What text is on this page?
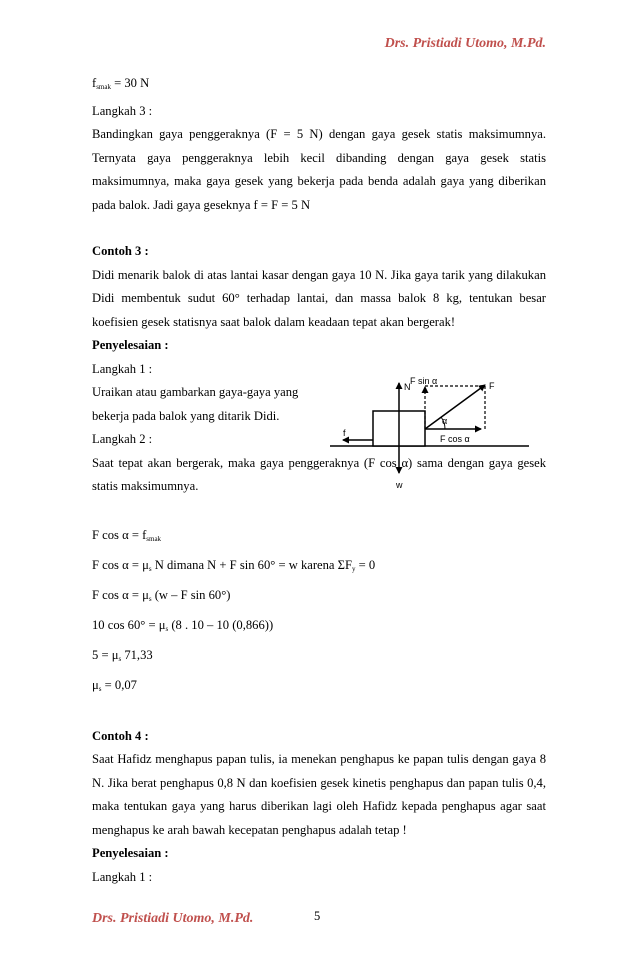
Drs. Pristiadi Utomo, M.Pd.

$f_{smak} = 30$ N

Langkah 3 :

Bandingkan gaya penggeraknya (F = 5 N) dengan gaya gesek statis maksimumnya. Ternyata gaya penggeraknya lebih kecil dibanding dengan gaya gesek statis maksimumnya, maka gaya gesek yang bekerja pada benda adalah gaya yang diberikan pada balok. Jadi gaya geseknya f = F = 5 N

Contoh 3 :

Didi menarik balok di atas lantai kasar dengan gaya 10 N. Jika gaya tarik yang dilakukan Didi membentuk sudut 60° terhadap lantai, dan massa balok 8 kg, tentukan besar koefisien gesek statisnya saat balok dalam keadaan tepat akan bergerak!

Penyelesaian :

Langkah 1 :

Uraikan atau gambarkan gaya-gaya yang

bekerja pada balok yang ditarik Didi.

F sin α
N	F
α
F cos α
f
w

Langkah 2 :

Saat tepat akan bergerak, maka gaya penggeraknya (F cos α) sama dengan gaya gesek statis maksimumnya.

F $\cos \alpha = f_{smak}$

F $\cos \alpha = \mu_s$ N dimana N + F sin 60° = w karena $\Sigma F_y = 0$

F $\cos \alpha = \mu_s$ (w – F sin 60°)

10 $\cos 60^\circ = \mu_s$ (8 . 10 – 10 (0,866))

$5 = \mu_s$ 71,33

$\mu_s = 0,07$

Contoh 4 :

Saat Hafidz menghapus papan tulis, ia menekan penghapus ke papan tulis dengan gaya 8 N. Jika berat penghapus 0,8 N dan koefisien gesek kinetis penghapus dan papan tulis 0,4, maka tentukan gaya yang harus diberikan lagi oleh Hafidz kepada penghapus agar saat menghapus ke arah bawah kecepatan penghapus adalah tetap !

Penyelesaian :

Langkah 1 :

Drs. Pristiadi Utomo, M.Pd.	5
